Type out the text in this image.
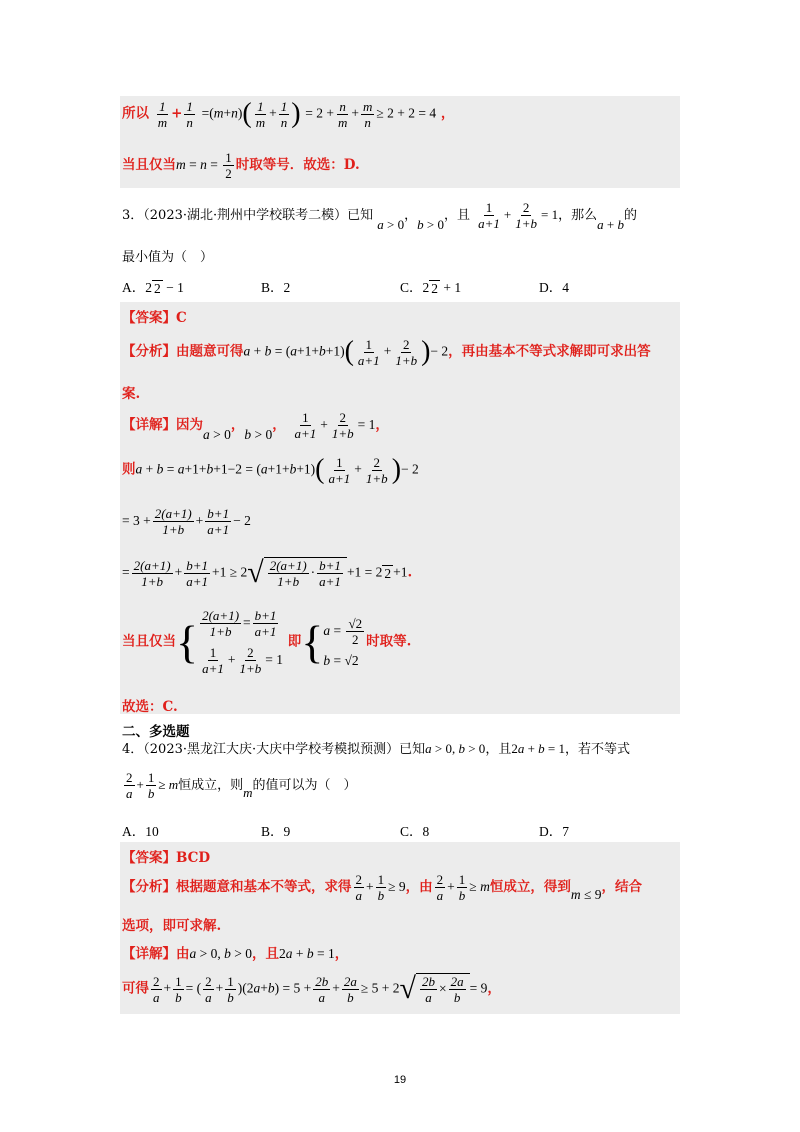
所以 $\frac{1}{m} + \frac{1}{n} =(m+n)( \frac{1}{m} + \frac{1}{n}$ ) = $2 + \frac{n}{m} + \frac{m}{n} \ge 2 + 2 = 4$ ，
当且仅当$m = n = \frac{1}{2}$ 时取等号．故选：D.
3．（2023·湖北·荆州中学校联考二模）已知 a > 0，b > 0，且 $\frac{1}{a+1} + \frac{2}{1+b} = 1$，那么a + b的
最小值为（　）
A．2 2 − 1	B．2	C．2 2 + 1	D．4
【答案】C
【分析】由题意可得$a + b = (a+1+b+1)( \frac{1}{a+1} + \frac{2}{1+b}$ )− 2，再由基本不等式求解即可求出答
案.
【详解】因为a > 0，b > 0， $\frac{1}{a+1} + \frac{2}{1+b} = 1$，
则$a + b = a+1+b+1-2 = (a+1+b+1)( \frac{1}{a+1} + \frac{2}{1+b}$ )− 2
= $3 + \frac{2(a+1)}{1+b} + \frac{b+1}{a+1} - 2$
= $\frac{2(a+1)}{1+b} + \frac{b+1}{a+1} +1 \ge 2√ \frac{2(a+1)}{1+b} \cdot \frac{b+1}{a+1} +1 = 2$ 2 +1.
当且仅当{ $\frac{2(a+1)}{1+b} = \frac{b+1}{a+1}$
$\frac{1}{a+1} + \frac{2}{1+b} = 1$
即{ $a = \frac{√2}{2}$
b = √2
时取等.
故选：C.
二、多选题
4．（2023·黑龙江大庆·大庆中学校考模拟预测）已知a > 0, b > 0，且2a + b = 1，若不等式
$\frac{2}{a} + \frac{1}{b} \ge m$恒成立，则m的值可以为（　）
A．10	B．9	C．8	D．7
【答案】BCD
【分析】根据题意和基本不等式，求得 $\frac{2}{a} + \frac{1}{b} \ge 9$，由 $\frac{2}{a} + \frac{1}{b} \ge m$恒成立，得到m ≤ 9，结合
选项，即可求解.
【详解】由a > 0, b > 0，且2a + b = 1，
可得 $\frac{2}{a} + \frac{1}{b}$ = ( $\frac{2}{a} + \frac{1}{b} )(2a+b) = 5 + \frac{2b}{a} + \frac{2a}{b} \ge 5 + 2√ \frac{2b}{a} \times \frac{2a}{b} = 9$，
19
